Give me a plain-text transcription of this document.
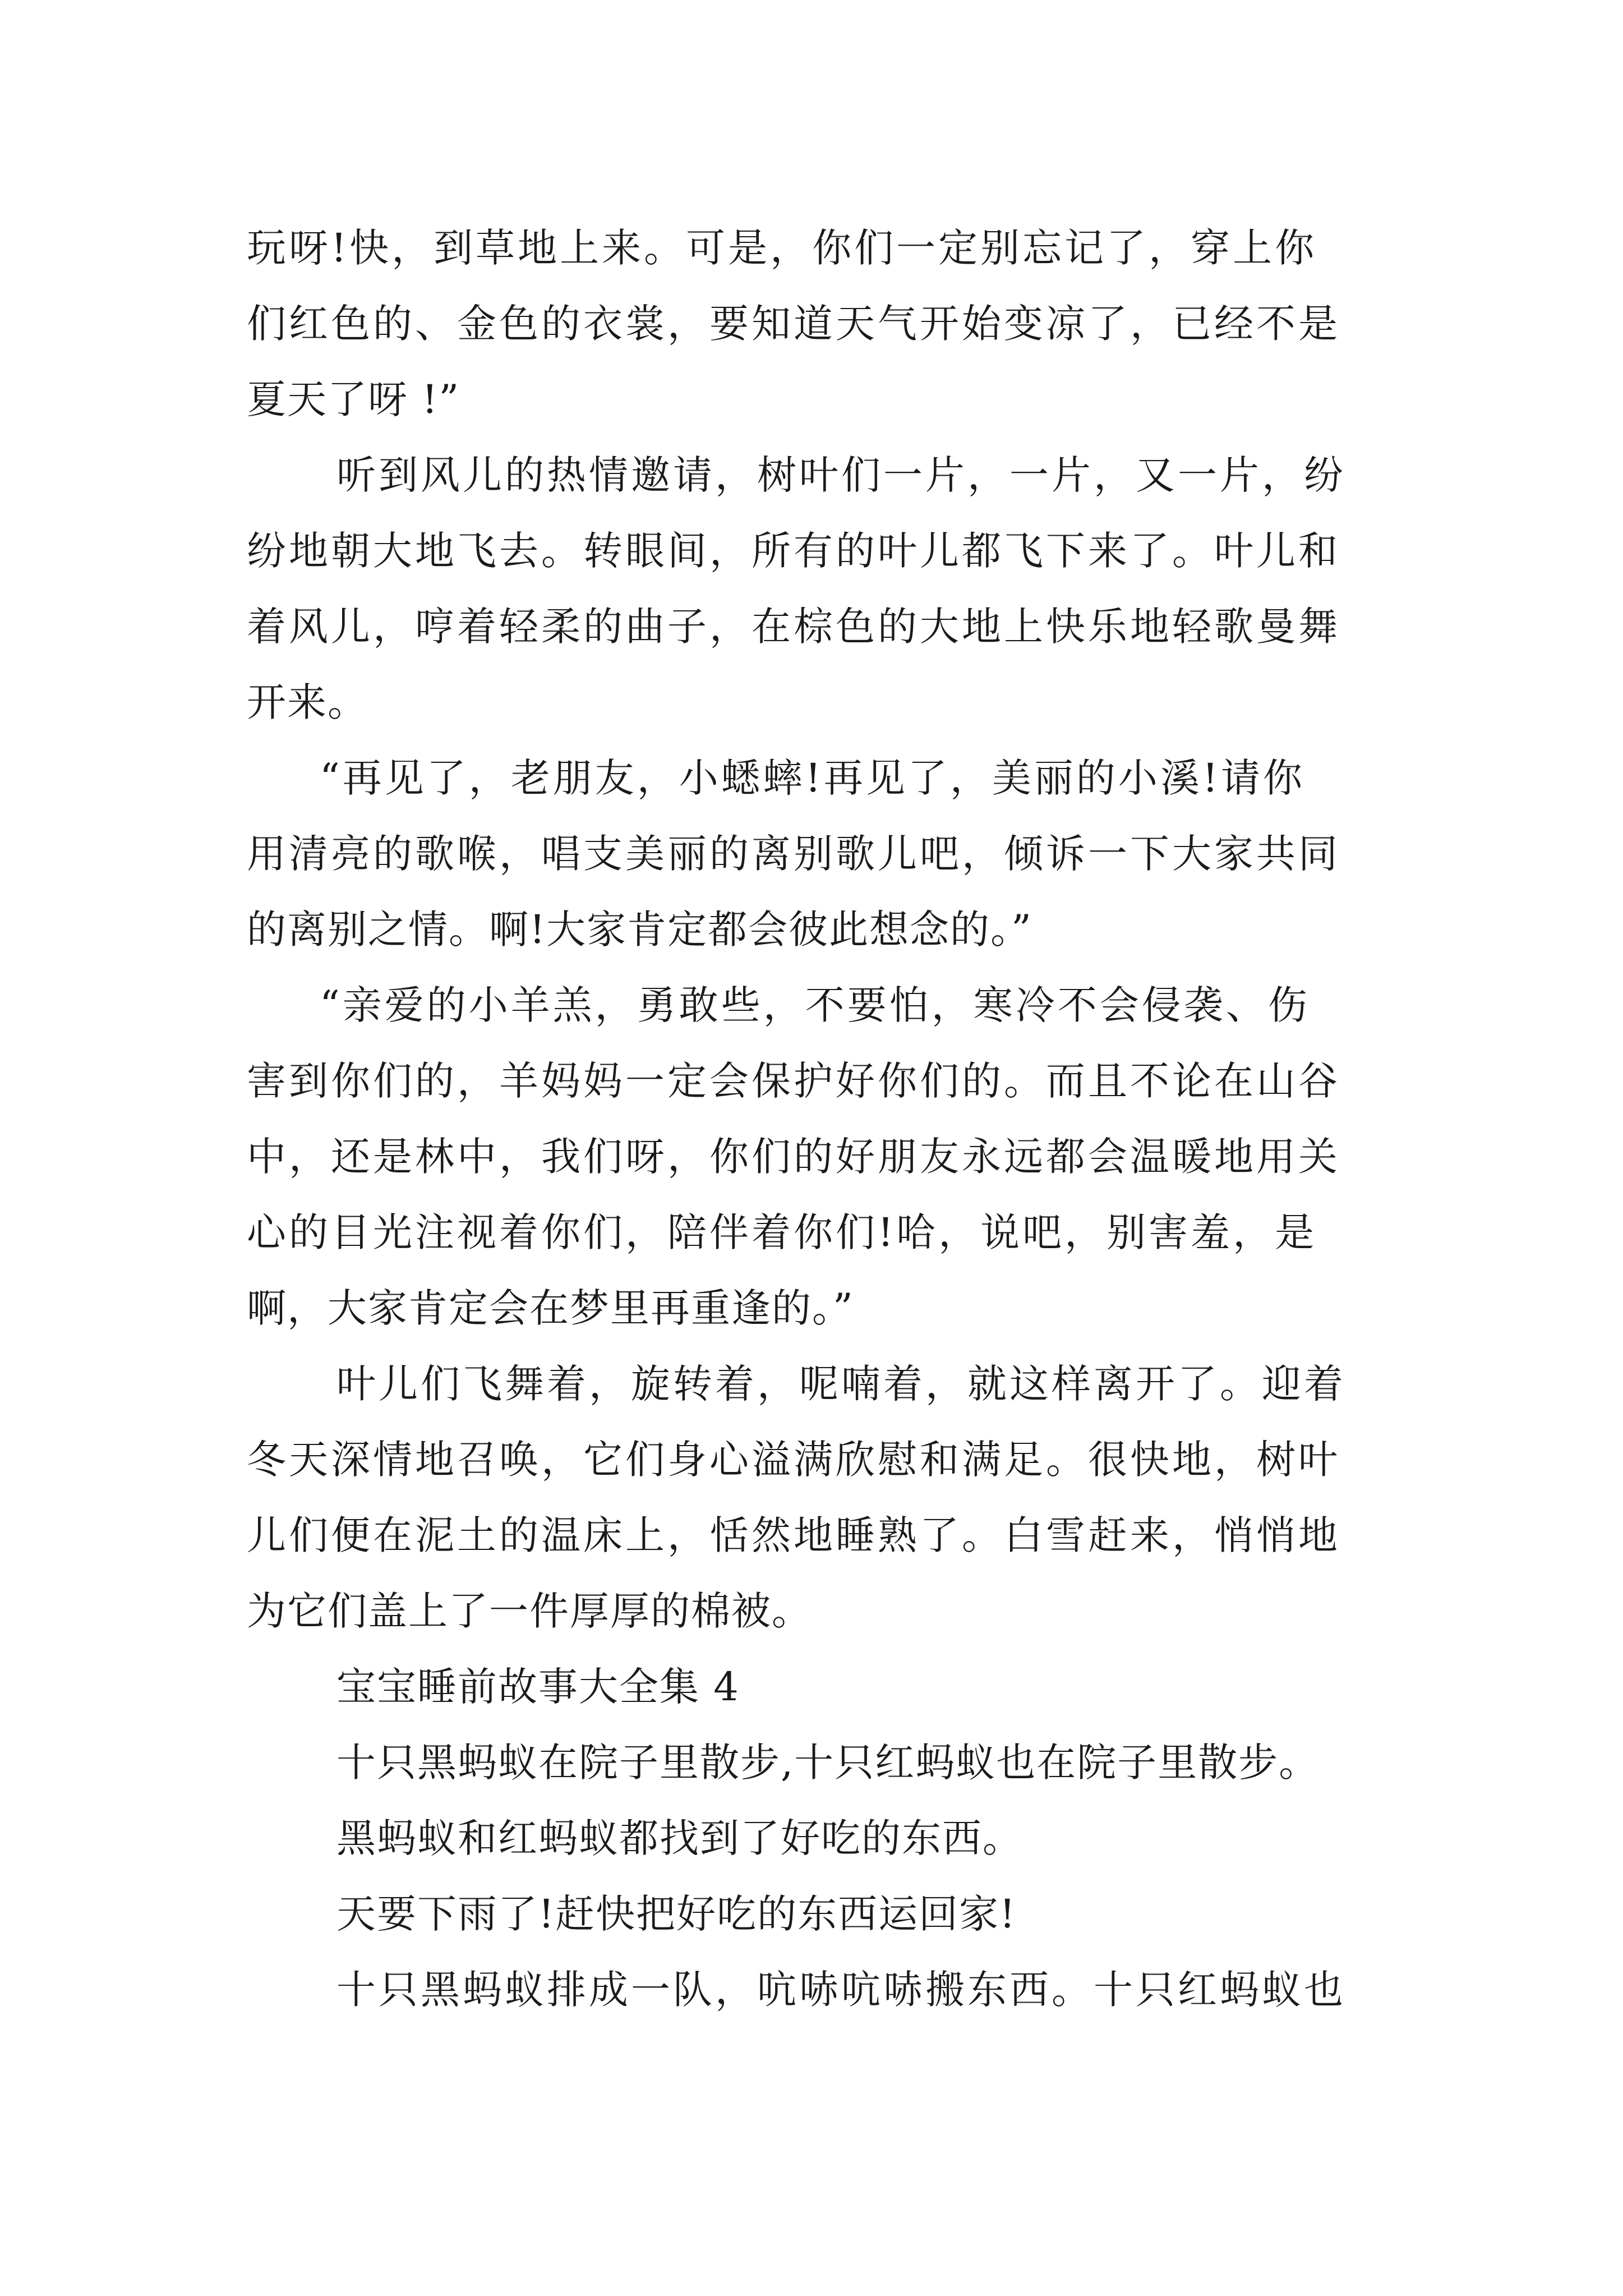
玩呀!快，到草地上来。可是，你们一定别忘记了，穿上你
们红色的、金色的衣裳，要知道天气开始变凉了，已经不是
夏天了呀 !”
听到风儿的热情邀请，树叶们一片，一片，又一片，纷
纷地朝大地飞去。转眼间，所有的叶儿都飞下来了。叶儿和
着风儿，哼着轻柔的曲子，在棕色的大地上快乐地轻歌曼舞
开来。
“再见了，老朋友，小蟋蟀!再见了，美丽的小溪!请你
用清亮的歌喉，唱支美丽的离别歌儿吧，倾诉一下大家共同
的离别之情。啊!大家肯定都会彼此想念的。”
“亲爱的小羊羔，勇敢些，不要怕，寒冷不会侵袭、伤
害到你们的，羊妈妈一定会保护好你们的。而且不论在山谷
中，还是林中，我们呀，你们的好朋友永远都会温暖地用关
心的目光注视着你们，陪伴着你们!哈，说吧，别害羞，是
啊，大家肯定会在梦里再重逢的。”
叶儿们飞舞着，旋转着，呢喃着，就这样离开了。迎着
冬天深情地召唤，它们身心溢满欣慰和满足。很快地，树叶
儿们便在泥土的温床上，恬然地睡熟了。白雪赶来，悄悄地
为它们盖上了一件厚厚的棉被。
宝宝睡前故事大全集 4
十只黑蚂蚁在院子里散步,十只红蚂蚁也在院子里散步。
黑蚂蚁和红蚂蚁都找到了好吃的东西。
天要下雨了!赶快把好吃的东西运回家!
十只黑蚂蚁排成一队，吭哧吭哧搬东西。十只红蚂蚁也
